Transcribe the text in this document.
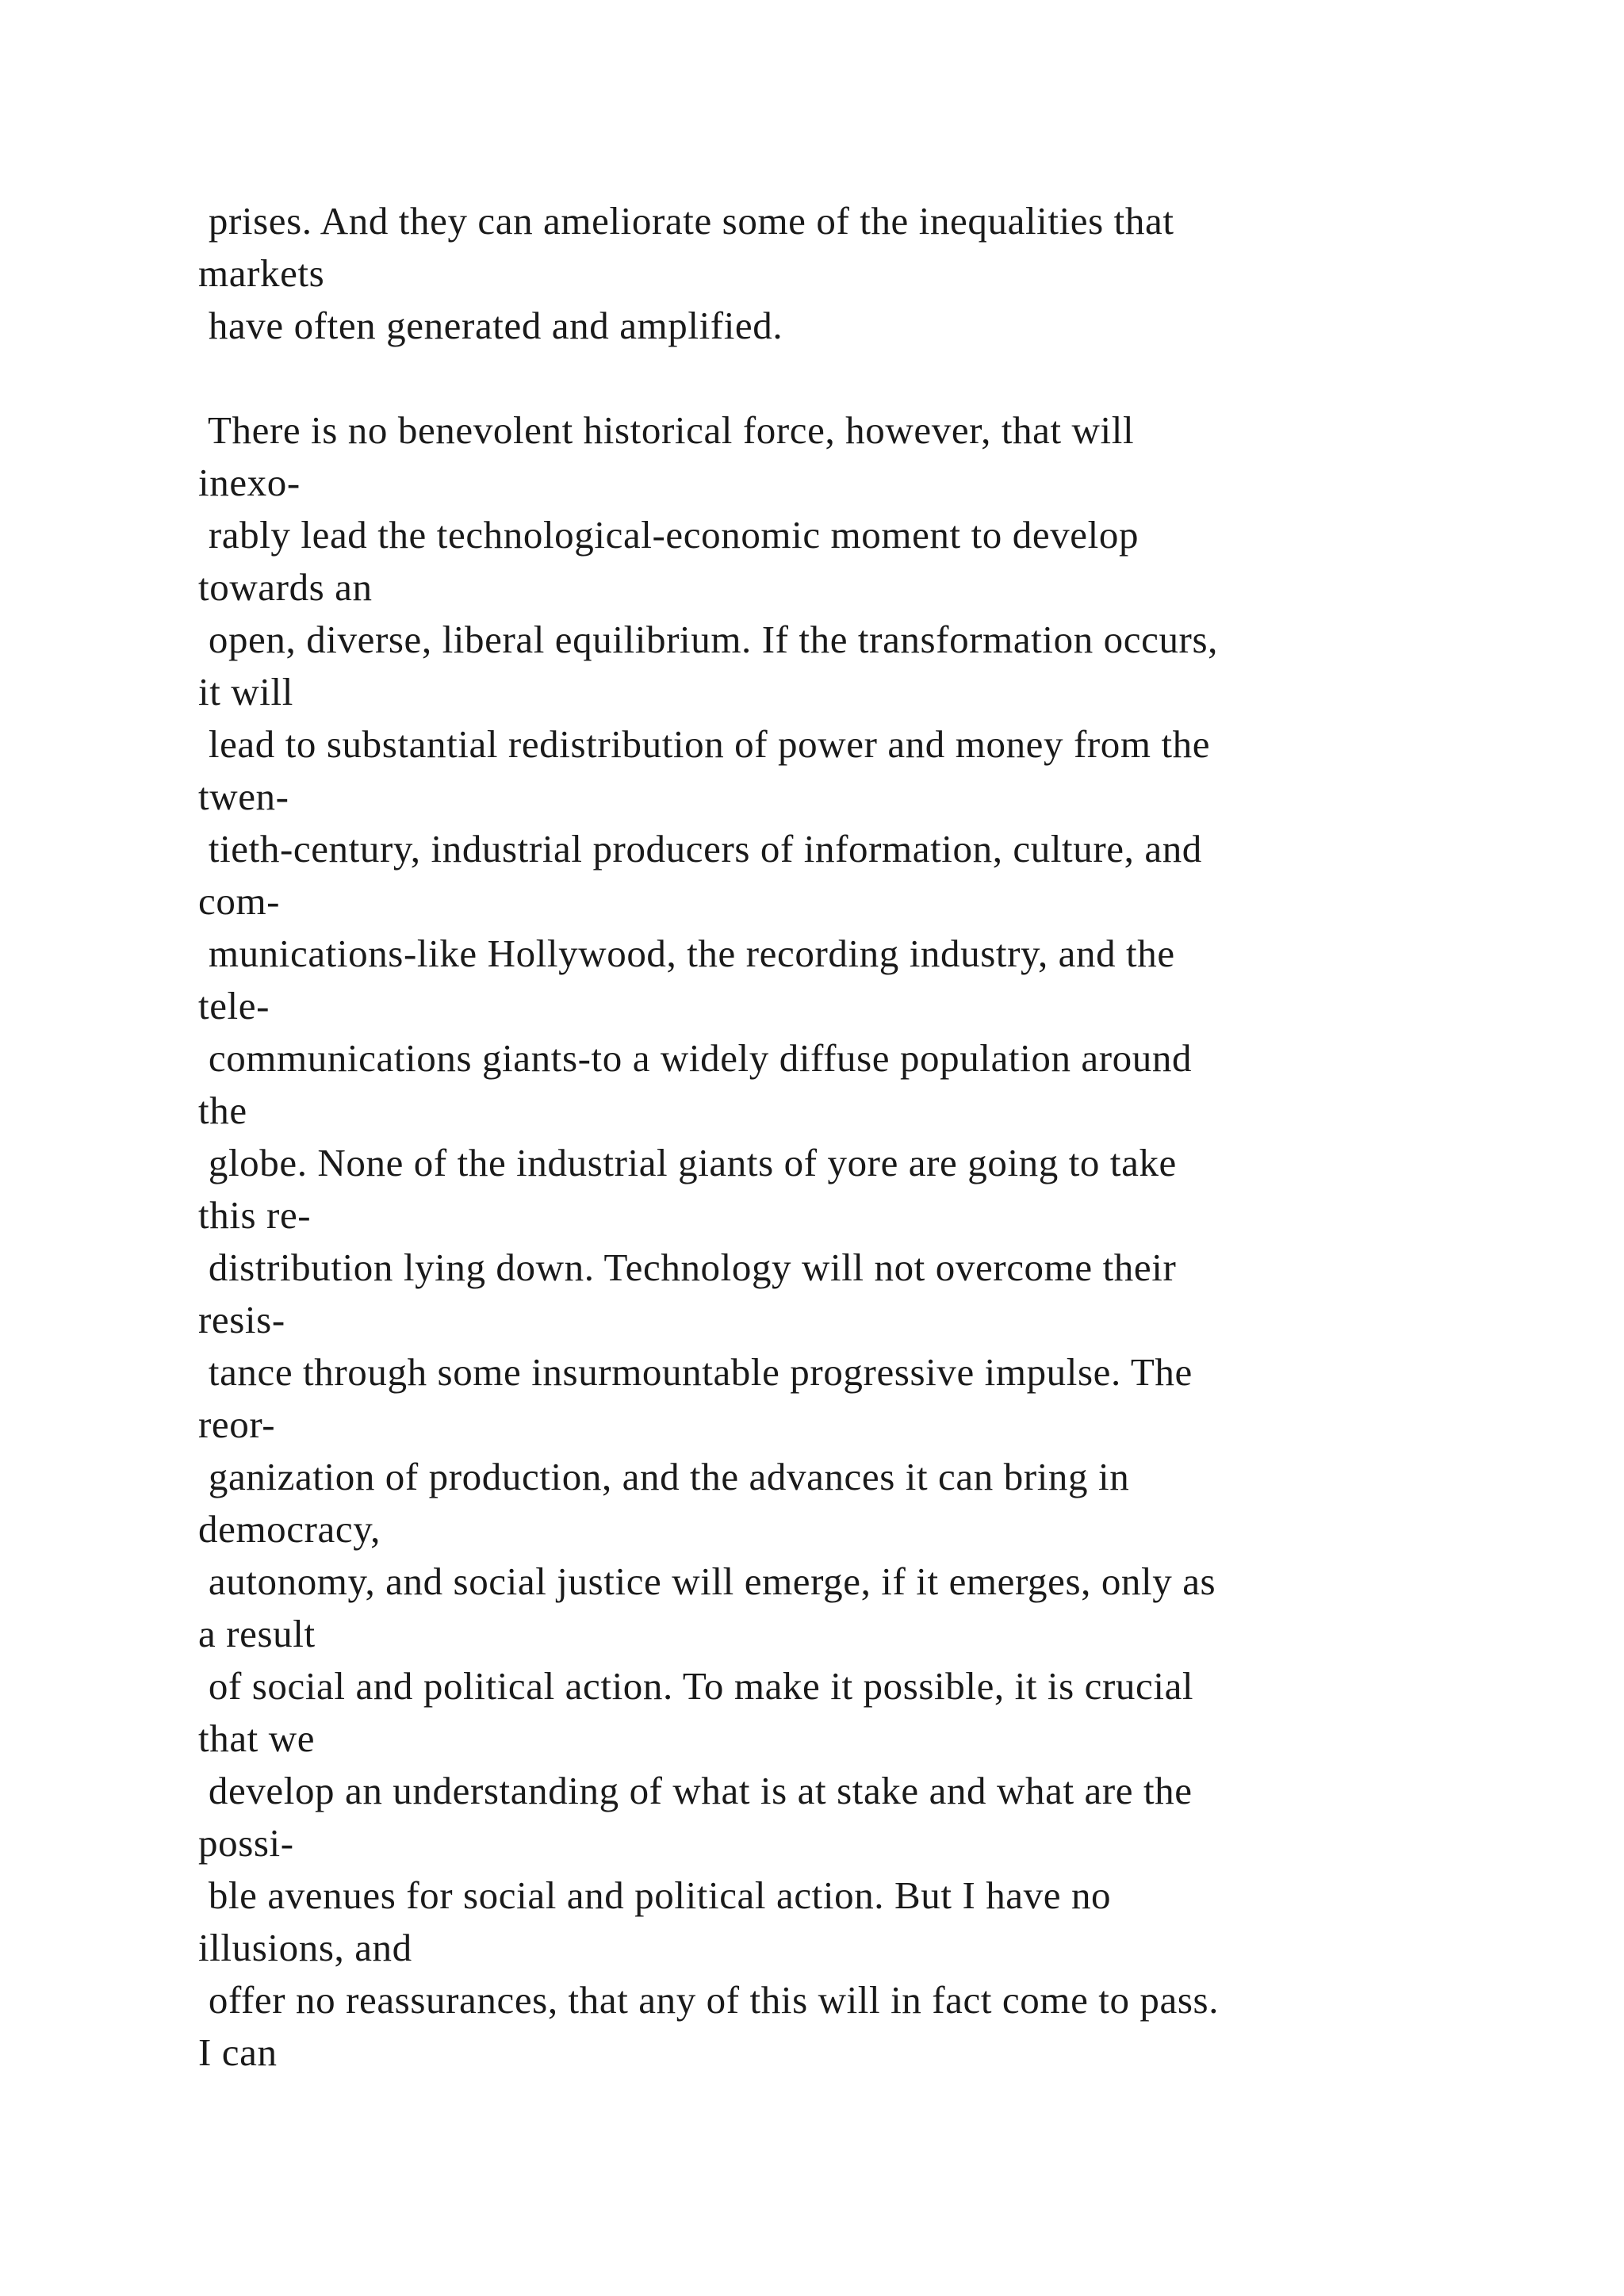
prises. And they can ameliorate some of the inequalities that
markets
have often generated and amplified.
There is no benevolent historical force, however, that will
inexo-
rably lead the technological-economic moment to develop
towards an
open, diverse, liberal equilibrium. If the transformation occurs,
it will
lead to substantial redistribution of power and money from the
twen-
tieth-century, industrial producers of information, culture, and
com-
munications-like Hollywood, the recording industry, and the
tele-
communications giants-to a widely diffuse population around
the
globe. None of the industrial giants of yore are going to take
this re-
distribution lying down. Technology will not overcome their
resis-
tance through some insurmountable progressive impulse. The
reor-
ganization of production, and the advances it can bring in
democracy,
autonomy, and social justice will emerge, if it emerges, only as
a result
of social and political action. To make it possible, it is crucial
that we
develop an understanding of what is at stake and what are the
possi-
ble avenues for social and political action. But I have no
illusions, and
offer no reassurances, that any of this will in fact come to pass.
I can
